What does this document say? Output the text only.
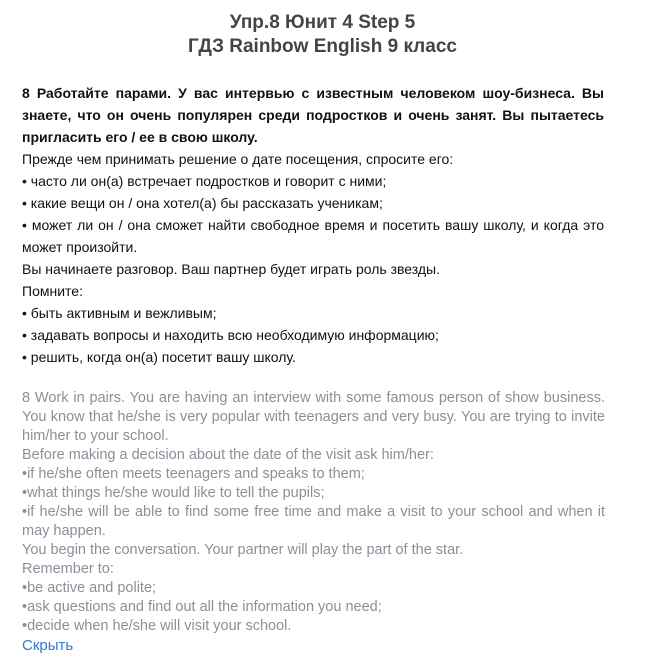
Упр.8 Юнит 4 Step 5
ГДЗ Rainbow English 9 класс

8 Работайте парами. У вас интервью с известным человеком шоу-бизнеса. Вы знаете, что он очень популярен среди подростков и очень занят. Вы пытаетесь пригласить его / ее в свою школу.

Прежде чем принимать решение о дате посещения, спросите его:

• часто ли он(а) встречает подростков и говорит с ними;

• какие вещи он / она хотел(а) бы рассказать ученикам;

• может ли он / она сможет найти свободное время и посетить вашу школу, и когда это может произойти.

Вы начинаете разговор. Ваш партнер будет играть роль звезды.

Помните:

• быть активным и вежливым;

• задавать вопросы и находить всю необходимую информацию;

• решить, когда он(а) посетит вашу школу.

8 Work in pairs. You are having an interview with some famous person of show business. You know that he/she is very popular with teenagers and very busy. You are trying to invite him/her to your school.

Before making a decision about the date of the visit ask him/her:

•if he/she often meets teenagers and speaks to them;

•what things he/she would like to tell the pupils;

•if he/she will be able to find some free time and make a visit to your school and when it may happen.

You begin the conversation. Your partner will play the part of the star.

Remember to:

•be active and polite;

•ask questions and find out all the information you need;

•decide when he/she will visit your school.

Скрыть
